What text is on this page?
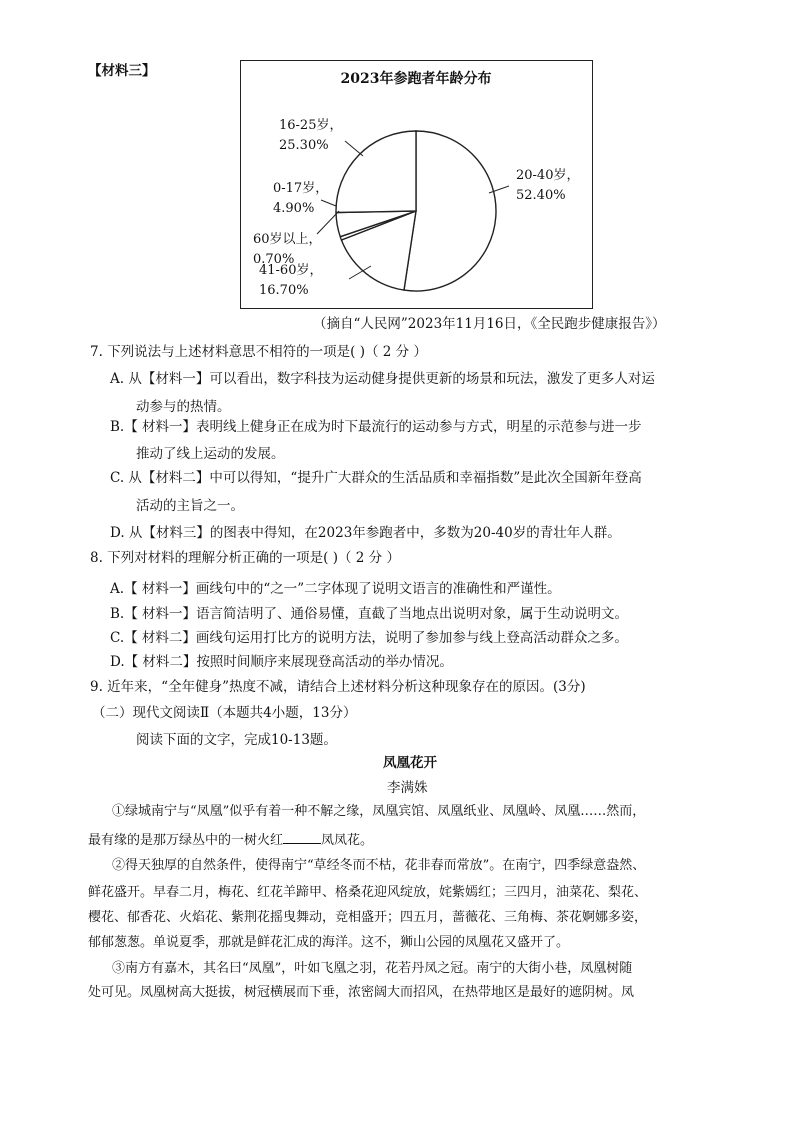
【材料三】	2023年参跑者年龄分布
20-40岁，
52.40%
41-60岁，
16.70%
60岁以上，
0.70%
0-17岁，
4.90%
16-25岁，
25.30%
（摘自“人民网”2023年11月16日，《全民跑步健康报告》）
7. 下列说法与上述材料意思不相符的一项是( )（ 2 分 ）
A. 从【材料一】可以看出，数字科技为运动健身提供更新的场景和玩法，激发了更多人对运
动参与的热情。
B.【 材料一】表明线上健身正在成为时下最流行的运动参与方式，明星的示范参与进一步
推动了线上运动的发展。
C. 从【材料二】中可以得知，“提升广大群众的生活品质和幸福指数”是此次全国新年登高
活动的主旨之一。
D. 从【材料三】的图表中得知，在2023年参跑者中，多数为20-40岁的青壮年人群。
8. 下列对材料的理解分析正确的一项是( )（ 2 分 ）
A.【 材料一】画线句中的“之一”二字体现了说明文语言的准确性和严谨性。
B.【 材料一】语言简洁明了、通俗易懂，直截了当地点出说明对象，属于生动说明文。
C.【 材料二】画线句运用打比方的说明方法，说明了参加参与线上登高活动群众之多。
D.【 材料二】按照时间顺序来展现登高活动的举办情况。
9. 近年来，“全年健身”热度不减，请结合上述材料分析这种现象存在的原因。(3分)
（二）现代文阅读Ⅱ（本题共4小题，13分）
阅读下面的文字，完成10-13题。
凤凰花开
李满姝
①绿城南宁与“凤凰”似乎有着一种不解之缘，凤凰宾馆、凤凰纸业、凤凰岭、凤凰……然而，
最有缘的是那万绿丛中的一树火红	凤凤花。
②得天独厚的自然条件，使得南宁“草经冬而不枯，花非春而常放”。在南宁，四季绿意盎然、
鲜花盛开。早春二月，梅花、红花羊蹄甲、格桑花迎风绽放，姹紫嫣红；三四月，油菜花、梨花、
樱花、郁香花、火焰花、紫荆花摇曳舞动，竞相盛开；四五月，蔷薇花、三角梅、茶花婀娜多姿，
郁郁葱葱。单说夏季，那就是鲜花汇成的海洋。这不，狮山公园的凤凰花又盛开了。
③南方有嘉木，其名曰“凤凰”，叶如飞凰之羽，花若丹凤之冠。南宁的大街小巷，凤凰树随
处可见。凤凰树高大挺拔，树冠横展而下垂，浓密阔大而招风，在热带地区是最好的遮阴树。凤
